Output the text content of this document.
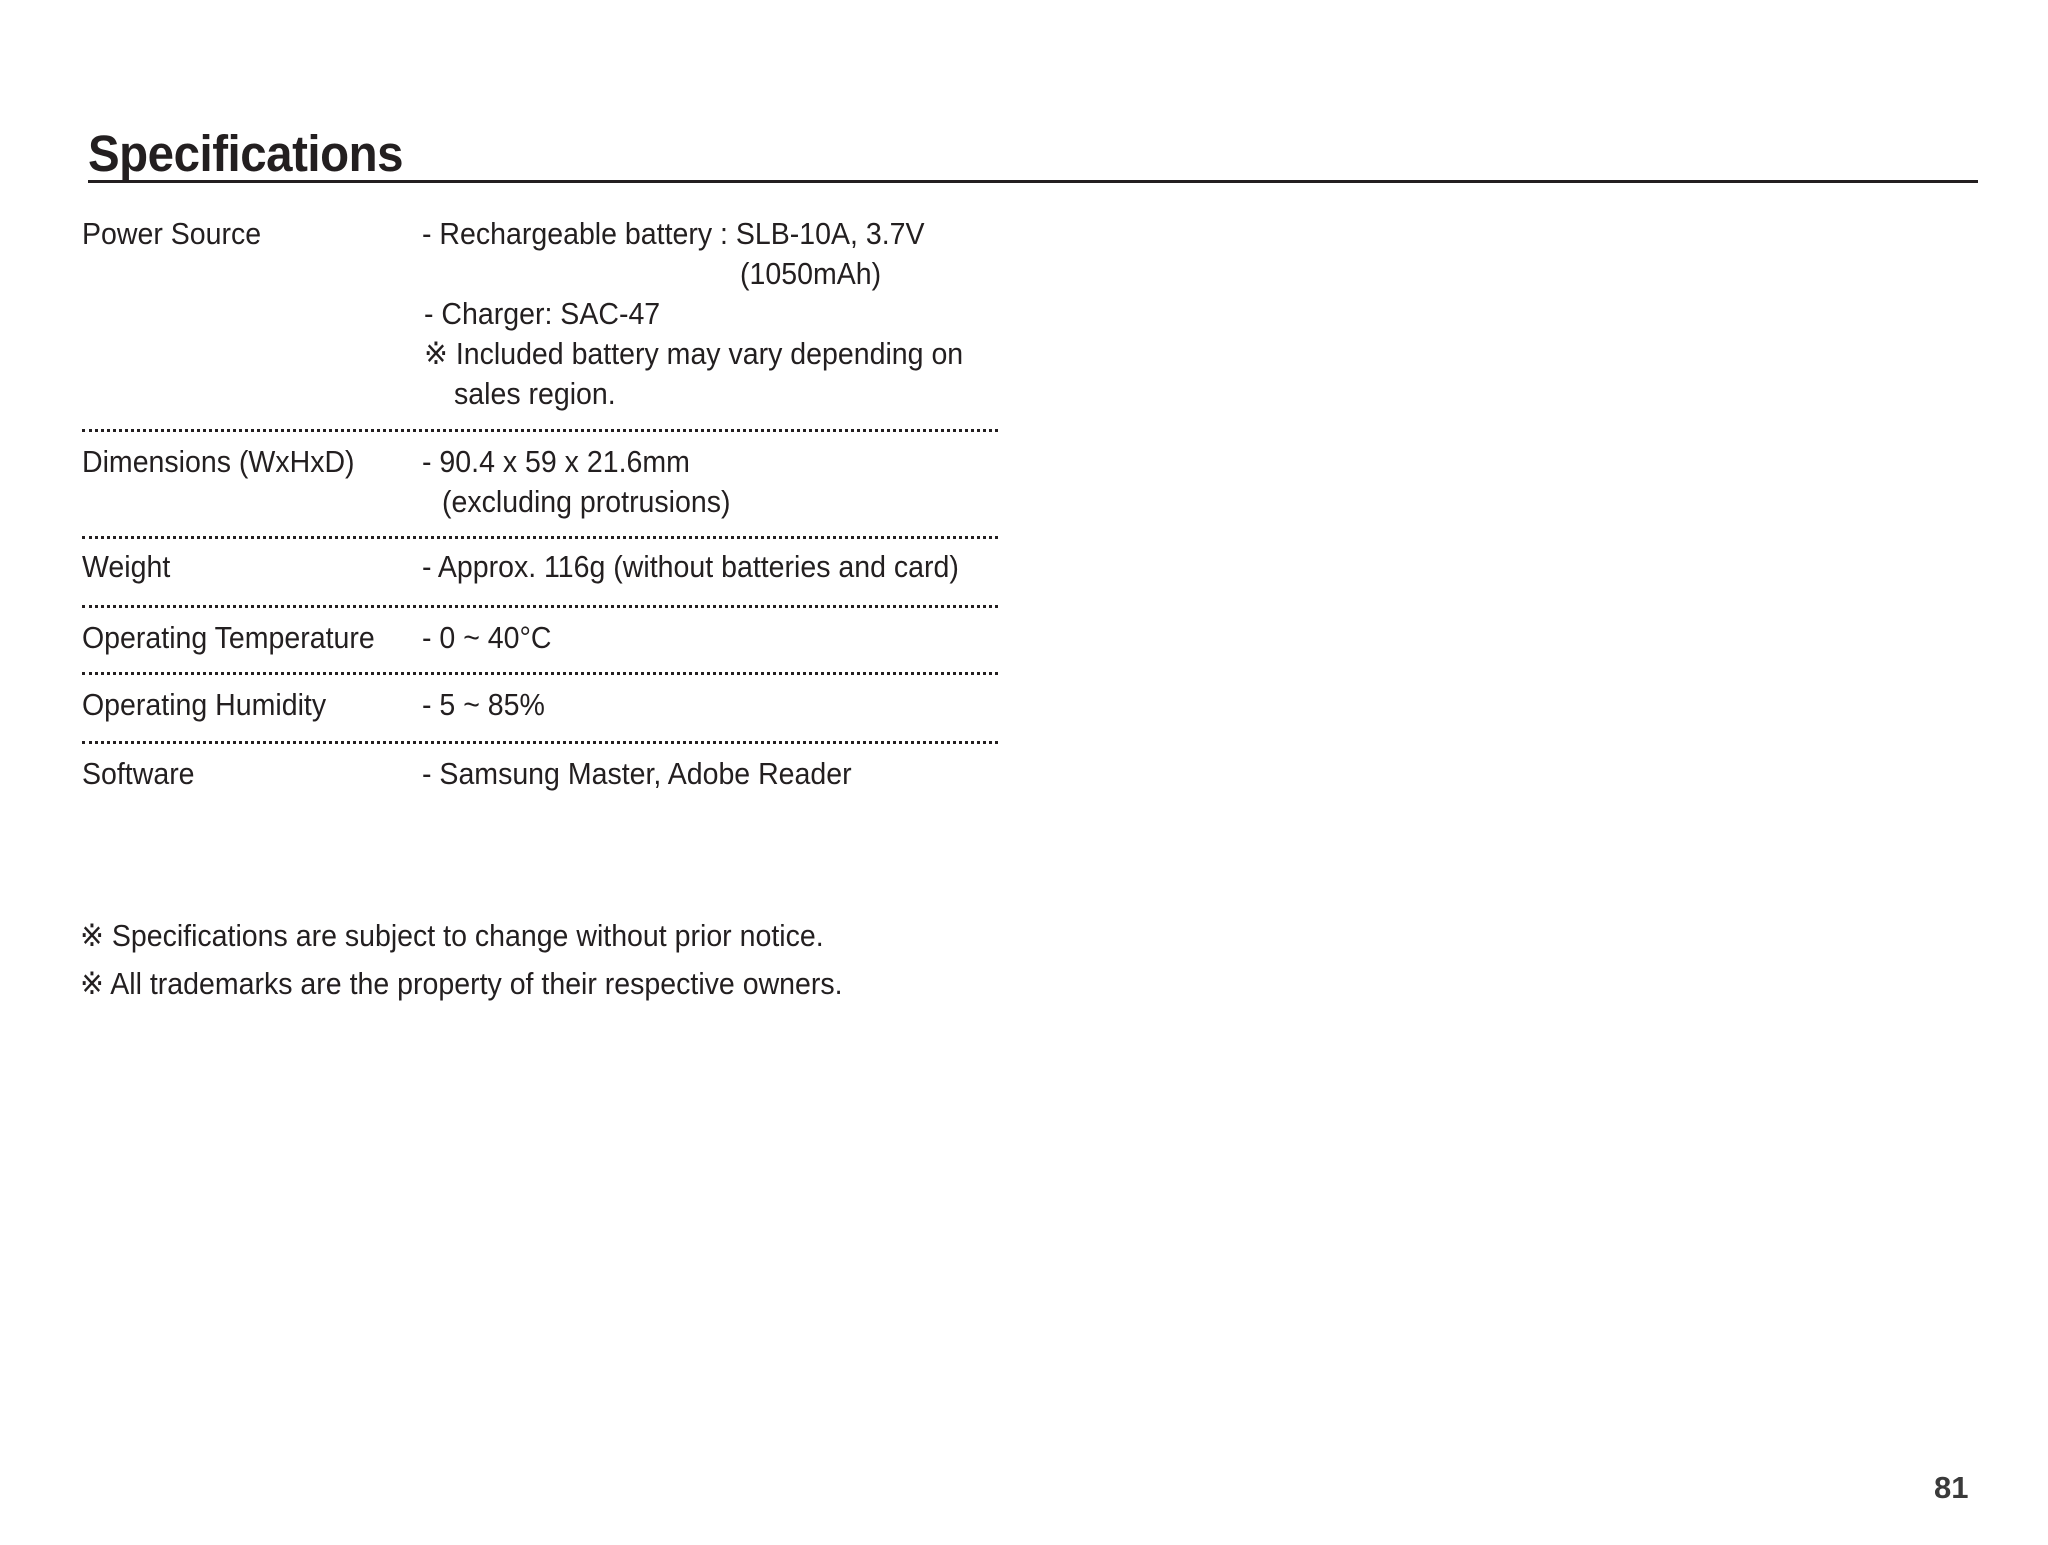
Specifications
Power Source	- Rechargeable battery : SLB-10A, 3.7V
(1050mAh)
- Charger: SAC-47
※ Included battery may vary depending on
sales region.
Dimensions (WxHxD) - 90.4 x 59 x 21.6mm
(excluding protrusions)
Weight	- Approx. 116g (without batteries and card)
Operating Temperature - 0 ~ 40°C
Operating Humidity	- 5 ~ 85%
Software	- Samsung Master, Adobe Reader
※ Specifications are subject to change without prior notice.
※ All trademarks are the property of their respective owners.
81
